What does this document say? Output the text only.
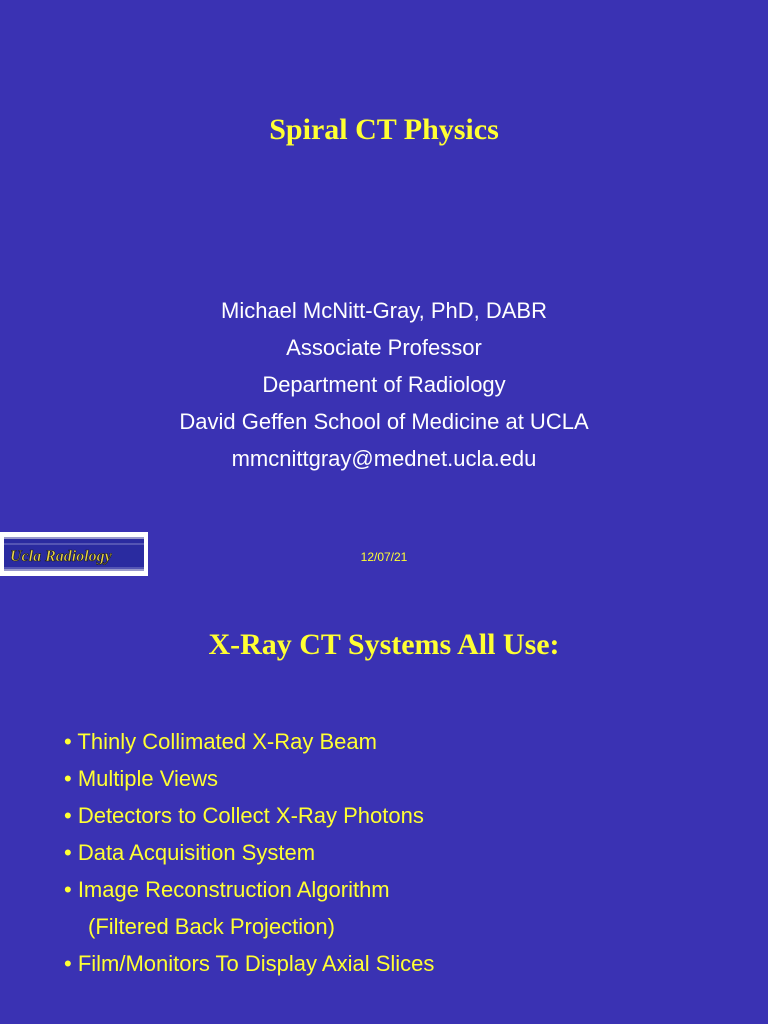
Spiral CT Physics
Michael McNitt-Gray, PhD, DABR
Associate Professor
Department of Radiology
David Geffen School of Medicine at UCLA
mmcnittgray@mednet.ucla.edu
Ucla Radiology	12/07/21
X-Ray CT Systems All Use:
• Thinly Collimated X-Ray Beam
• Multiple Views
• Detectors to Collect X-Ray Photons
• Data Acquisition System
• Image Reconstruction Algorithm
(Filtered Back Projection)
• Film/Monitors To Display Axial Slices
